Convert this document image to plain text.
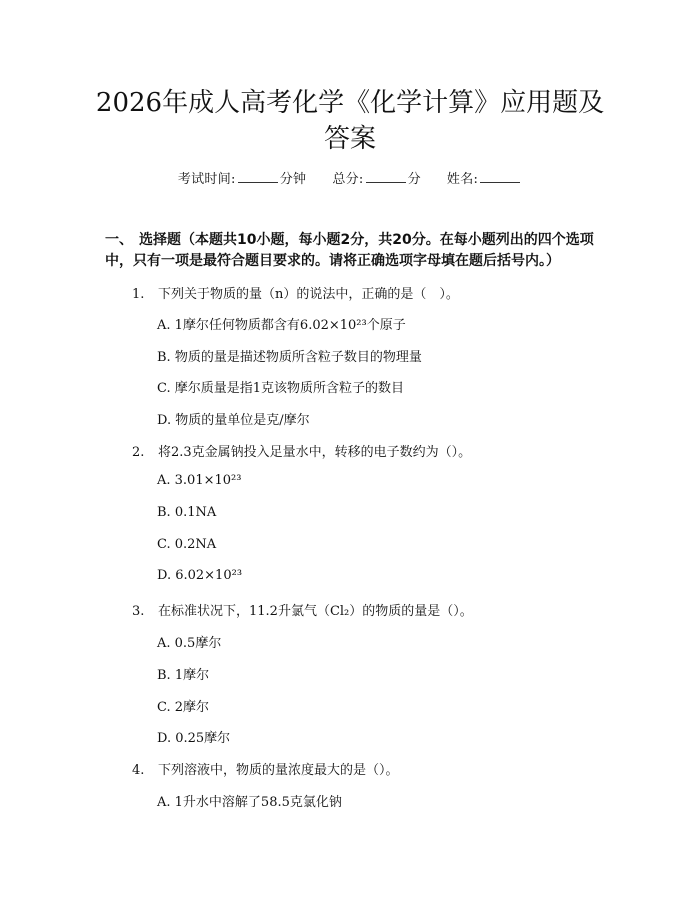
2026年成人高考化学《化学计算》应用题及
答案
考试时间:	分钟 总分:	分 姓名:
一、 选择题（本题共10小题，每小题2分，共20分。在每小题列出的四个选项
中，只有一项是最符合题目要求的。请将正确选项字母填在题后括号内。）
1. 下列关于物质的量（n）的说法中，正确的是（　）。
A. 1摩尔任何物质都含有6.02×10²³个原子
B. 物质的量是描述物质所含粒子数目的物理量
C. 摩尔质量是指1克该物质所含粒子的数目
D. 物质的量单位是克/摩尔
2. 将2.3克金属钠投入足量水中，转移的电子数约为（）。
A. 3.01×10²³
B. 0.1NA
C. 0.2NA
D. 6.02×10²³
3. 在标准状况下，11.2升氯气（Cl₂）的物质的量是（）。
A. 0.5摩尔
B. 1摩尔
C. 2摩尔
D. 0.25摩尔
4. 下列溶液中，物质的量浓度最大的是（）。
A. 1升水中溶解了58.5克氯化钠
